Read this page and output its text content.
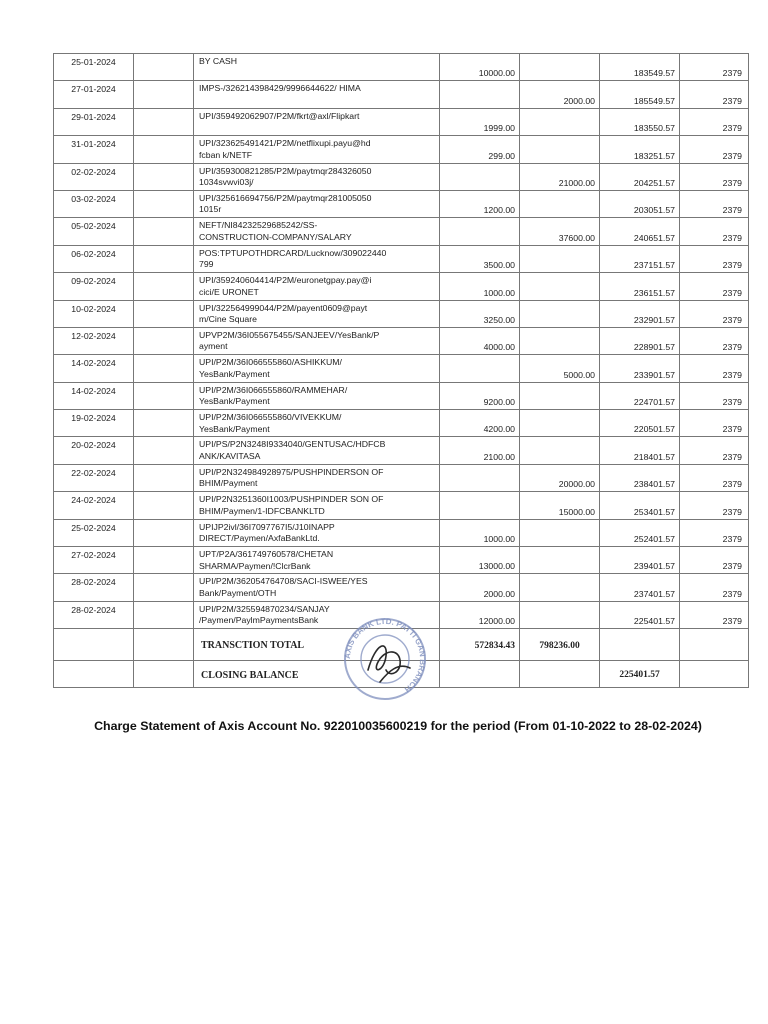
25-01-2024		BY CASH	10000.00		183549.57	2379
27-01-2024		IMPS-/326214398429/9996644622/ HIMA		2000.00	185549.57	2379
29-01-2024		UPI/359492062907/P2M/fkrt@axl/Flipkart	1999.00		183550.57	2379
31-01-2024		UPI/323625491421/P2M/netflixupi.payu@hd
fcban k/NETF	299.00		183251.57	2379
02-02-2024		UPI/359300821285/P2M/paytmqr284326050
1034svwvi03j/		21000.00	204251.57	2379
03-02-2024		UPI/325616694756/P2M/paytmqr281005050
1015r	1200.00		203051.57	2379
05-02-2024		NEFT/NI84232529685242/SS-
CONSTRUCTION-COMPANY/SALARY		37600.00	240651.57	2379
06-02-2024		POS:TPTUPOTHDRCARD/Lucknow/309022440
799	3500.00		237151.57	2379
09-02-2024		UPI/359240604414/P2M/euronetgpay.pay@i
cici/E URONET	1000.00		236151.57	2379
10-02-2024		UPI/322564999044/P2M/payent0609@payt
m/Cine Square	3250.00		232901.57	2379
12-02-2024		UPVP2M/36I055675455/SANJEEV/YesBank/P
ayment	4000.00		228901.57	2379
14-02-2024		UPI/P2M/36I066555860/ASHIKKUM/
YesBank/Payment		5000.00	233901.57	2379
14-02-2024		UPI/P2M/36I066555860/RAMMEHAR/
YesBank/Payment	9200.00		224701.57	2379
19-02-2024		UPI/P2M/36I066555860/VIVEKKUM/
YesBank/Payment	4200.00		220501.57	2379
20-02-2024		UPI/PS/P2N3248I9334040/GENTUSAC/HDFCB
ANK/KAVITASA	2100.00		218401.57	2379
22-02-2024		UPI/P2N324984928975/PUSHPINDERSON OF
BHIM/Payment		20000.00	238401.57	2379
24-02-2024		UPI/P2N3251360I1003/PUSHPINDER SON OF
BHIM/Paymen/1-IDFCBANKLTD		15000.00	253401.57	2379
25-02-2024		UPIJP2ivl/36I7097767I5/J10INAPP
DIRECT/Paymen/AxfaBankLtd.	1000.00		252401.57	2379
27-02-2024		UPT/P2A/361749760578/CHETAN
SHARMA/Paymen/!ClcrBank	13000.00		239401.57	2379
28-02-2024		UPI/P2M/362054764708/SACI-ISWEE/YES
Bank/Payment/OTH	2000.00		237401.57	2379
28-02-2024		UPI/P2M/325594870234/SANJAY
/Paymen/PaylmPaymentsBank	12000.00		225401.57	2379
		TRANSCTION TOTAL	572834.43	798236.00		
		CLOSING BALANCE			225401.57	
AXIS BANK LTD. PATTI GAN BRANCH
Charge Statement of Axis Account No. 922010035600219 for the period (From 01-10-2022 to 28-02-2024)
